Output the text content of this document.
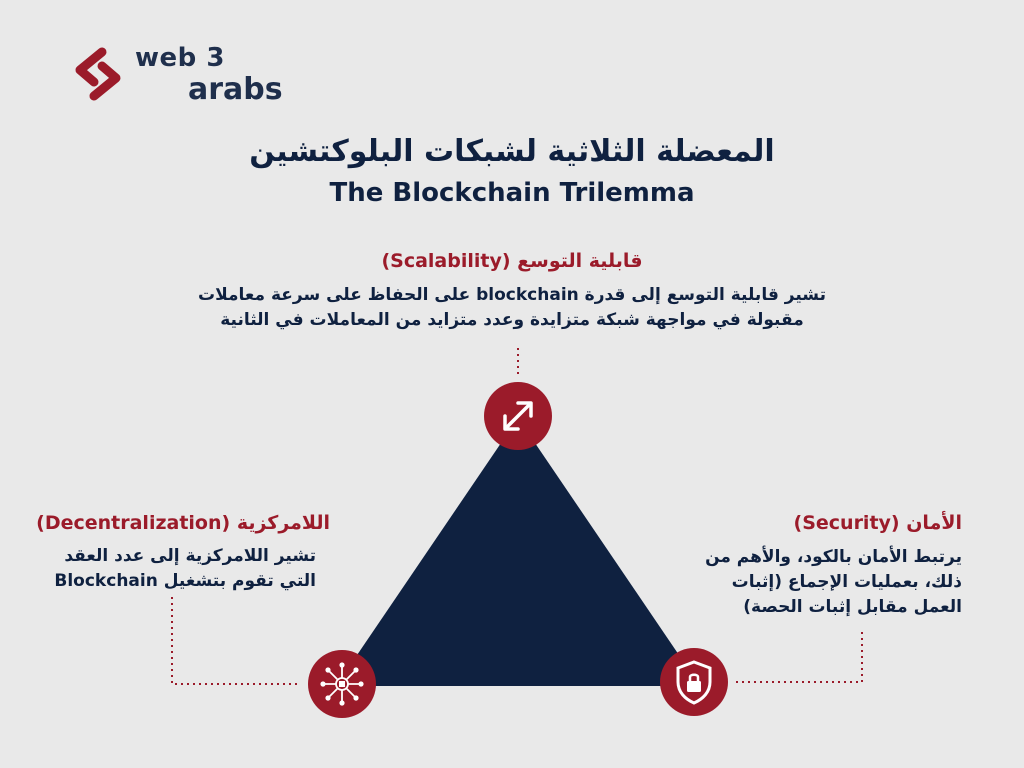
web 3
arabs
المعضلة الثلاثية لشبكات البلوكتشين
The Blockchain Trilemma
قابلية التوسع (Scalability)
تشير قابلية التوسع إلى قدرة blockchain على الحفاظ على سرعة معاملات
مقبولة في مواجهة شبكة متزايدة وعدد متزايد من المعاملات في الثانية
اللامركزية (Decentralization)
تشير اللامركزية إلى عدد العقد
التي تقوم بتشغيل Blockchain
الأمان (Security)
يرتبط الأمان بالكود، والأهم من
ذلك، بعمليات الإجماع (إثبات
العمل مقابل إثبات الحصة)
